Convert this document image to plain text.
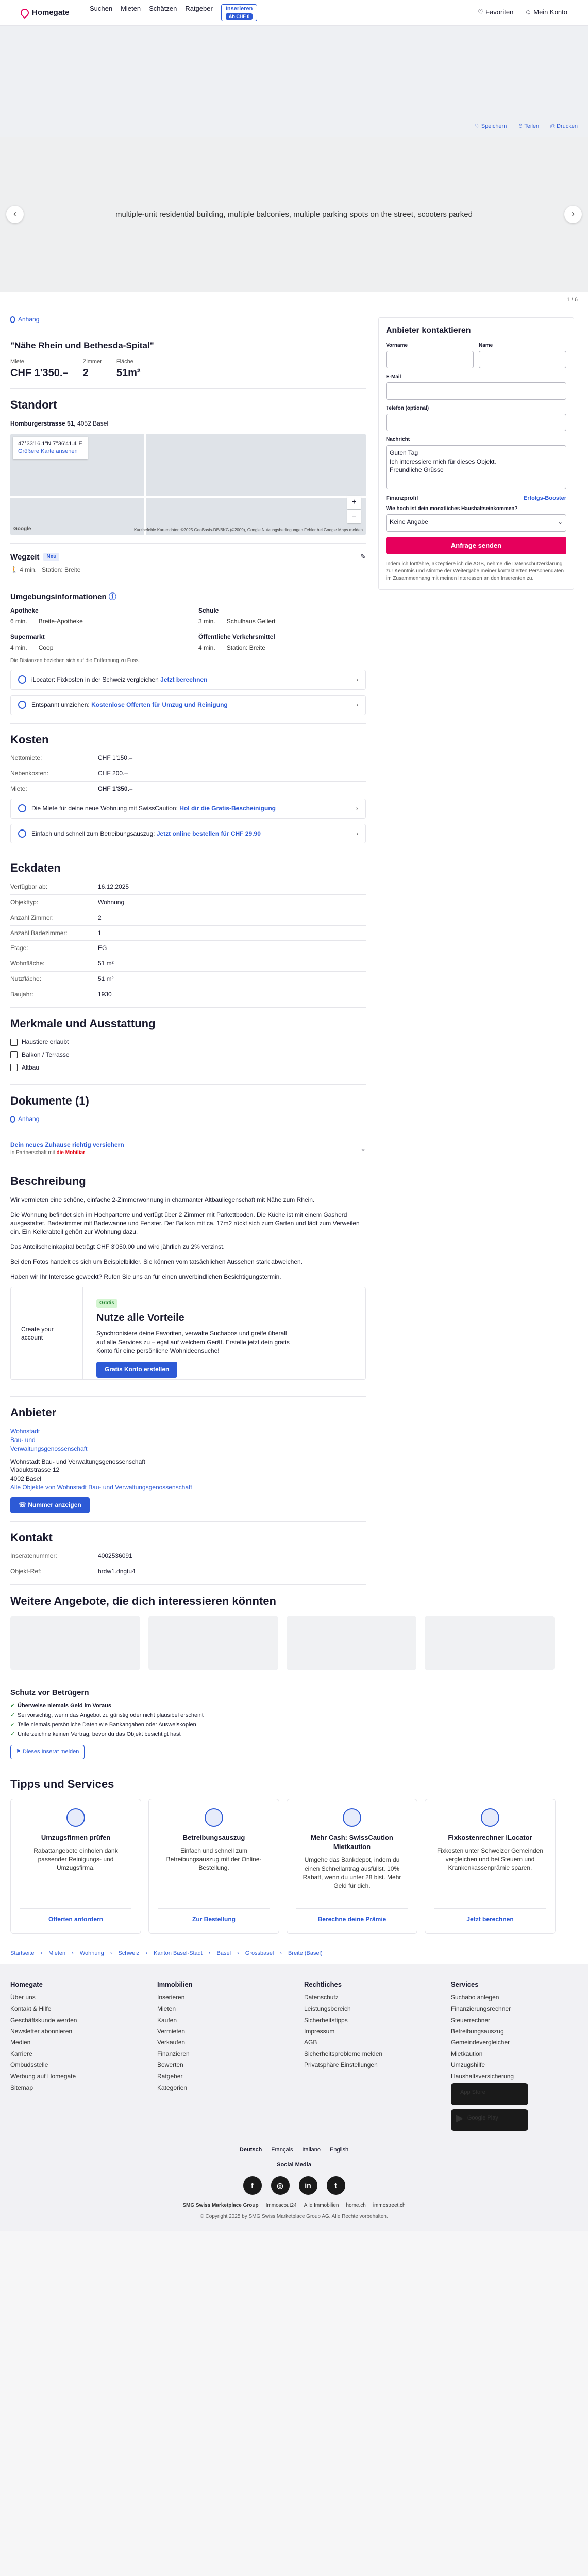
Homegate	Suchen Mieten Schätzen Ratgeber	Inserieren
Ab CHF 0
♡ Favoriten ☺ Mein Konto
♡ Speichern ⇪ Teilen ⎙ Drucken
‹	multiple-unit residential building, multiple balconies, multiple parking spots on the street, scooters parked	›
1 / 6
Anhang
"Nähe Rhein und Bethesda-Spital"
Miete
CHF 1'350.–
Zimmer
2
Fläche
51m²
Standort
Homburgerstrasse 51, 4052 Basel
47°33'16.1"N 7°36'41.4"E
Größere Karte ansehen
+
−
Google	Kurzbefehle Kartendaten ©2025 GeoBasis-DE/BKG (©2009), Google Nutzungsbedingungen Fehler bei Google Maps melden
Wegzeit	Neu	✎
🚶 4 min. Station: Breite
Umgebungsinformationen ⓘ
Apotheke
6 min. Breite-Apotheke
Schule
3 min. Schulhaus Gellert
Supermarkt
4 min. Coop
Öffentliche Verkehrsmittel
4 min. Station: Breite
Die Distanzen beziehen sich auf die Entfernung zu Fuss.
iLocator: Fixkosten in der Schweiz vergleichen Jetzt berechnen	›
Entspannt umziehen: Kostenlose Offerten für Umzug und Reinigung	›
Kosten
Nettomiete:	CHF 1'150.–
Nebenkosten:	CHF 200.–
Miete:	CHF 1'350.–
Die Miete für deine neue Wohnung mit SwissCaution: Hol dir die Gratis-Bescheinigung	›
Einfach und schnell zum Betreibungsauszug: Jetzt online bestellen für CHF 29.90	›
Eckdaten
Verfügbar ab:	16.12.2025
Objekttyp:	Wohnung
Anzahl Zimmer:	2
Anzahl Badezimmer:	1
Etage:	EG
Wohnfläche:	51 m²
Nutzfläche:	51 m²
Baujahr:	1930
Merkmale und Ausstattung
Haustiere erlaubt
Balkon / Terrasse
Altbau
Dokumente (1)
Anhang
Dein neues Zuhause richtig versichern
In Partnerschaft mit die Mobiliar
⌄
Beschreibung

Wir vermieten eine schöne, einfache 2-Zimmerwohnung in charmanter Altbauliegenschaft mit Nähe zum Rhein.

Die Wohnung befindet sich im Hochparterre und verfügt über 2 Zimmer mit Parkettboden. Die Küche ist mit einem Gasherd ausgestattet. Badezimmer mit Badewanne und Fenster. Der Balkon mit ca. 17m2 rückt sich zum Garten und lädt zum Verweilen ein. Ein Kellerabteil gehört zur Wohnung dazu.

Das Anteilscheinkapital beträgt CHF 3'050.00 und wird jährlich zu 2% verzinst.

Bei den Fotos handelt es sich um Beispielbilder. Sie können vom tatsächlichen Aussehen stark abweichen.

Haben wir Ihr Interesse geweckt? Rufen Sie uns an für einen unverbindlichen Besichtigungstermin.

Create your account
Gratis
Nutze alle Vorteile

Synchronisiere deine Favoriten, verwalte Suchabos und greife überall auf alle Services zu – egal auf welchem Gerät. Erstelle jetzt dein gratis Konto für eine persönliche Wohnideensuche!

Gratis Konto erstellen
Anbieter
Wohnstadt
Bau- und
Verwaltungsgenossenschaft

Wohnstadt Bau- und Verwaltungsgenossenschaft

Viaduktstrasse 12

4002 Basel

Alle Objekte von Wohnstadt Bau- und Verwaltungsgenossenschaft
☏ Nummer anzeigen
Kontakt
Inseratenummer:	4002536091
Objekt-Ref:	hrdw1.dngtu4
Anbieter kontaktieren
Vorname	Name
E-Mail
Telefon (optional)
Nachricht
Guten Tag
Ich interessiere mich für dieses Objekt.
Freundliche Grüsse
Finanzprofil	Erfolgs-Booster
Wie hoch ist dein monatliches Haushaltseinkommen?
Keine Angabe	⌄
Anfrage senden
Indem ich fortfahre, akzeptiere ich die AGB, nehme die Datenschutzerklärung zur Kenntnis und stimme der Weitergabe meiner kontaktierten Personendaten im Zusammenhang mit meinen Interessen an den Inserenten zu.
Weitere Angebote, die dich interessieren könnten
Schutz vor Betrügern
✓ Überweise niemals Geld im Voraus
✓ Sei vorsichtig, wenn das Angebot zu günstig oder nicht plausibel erscheint
✓ Teile niemals persönliche Daten wie Bankangaben oder Ausweiskopien
✓ Unterzeichne keinen Vertrag, bevor du das Objekt besichtigt hast
⚑ Dieses Inserat melden
Tipps und Services
Umzugsfirmen prüfen

Rabattangebote einholen dank passender Reinigungs- und Umzugsfirma.

Offerten anfordern
Betreibungsauszug

Einfach und schnell zum Betreibungsauszug mit der Online-Bestellung.

Zur Bestellung
Mehr Cash: SwissCaution Mietkaution

Umgehe das Bankdepot, indem du einen Schnellantrag ausfüllst. 10% Rabatt, wenn du unter 28 bist. Mehr Geld für dich.

Berechne deine Prämie
Fixkostenrechner iLocator

Fixkosten unter Schweizer Gemeinden vergleichen und bei Steuern und Krankenkassenprämie sparen.

Jetzt berechnen
Startseite › Mieten › Wohnung › Schweiz › Kanton Basel-Stadt › Basel › Grossbasel › Breite (Basel)
Homegate
Über uns
Kontakt & Hilfe
Geschäftskunde werden
Newsletter abonnieren
Medien
Karriere
Ombudsstelle
Werbung auf Homegate
Sitemap
Immobilien
Inserieren
Mieten
Kaufen
Vermieten
Verkaufen
Finanzieren
Bewerten
Ratgeber
Kategorien
Rechtliches
Datenschutz
Leistungsbereich
Sicherheitstipps
Impressum
AGB
Sicherheitsprobleme melden
Privatsphäre Einstellungen
Services
Suchabo anlegen
Finanzierungsrechner
Steuerrechner
Betreibungsauszug
Gemeindevergleicher
Mietkaution
Umzugshilfe
Haushaltsversicherung
App Store
▶ Google Play
Deutsch Français Italiano English
Social Media
f	◎	in	t
SMG Swiss Marketplace Group Immoscout24 Alle Immobilien home.ch immostreet.ch
© Copyright 2025 by SMG Swiss Marketplace Group AG. Alle Rechte vorbehalten.
